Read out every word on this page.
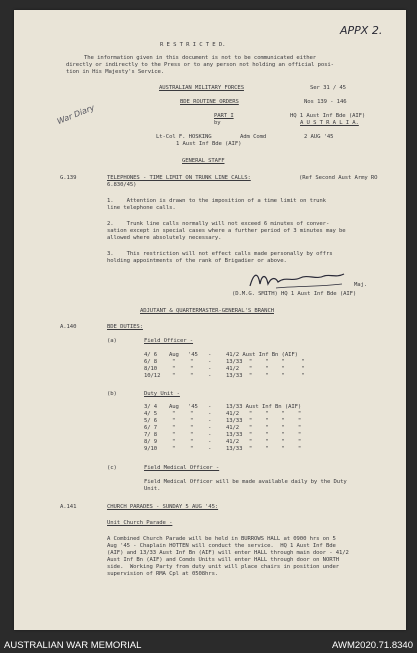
APPX 2.
War Diary
R E S T R I C T E D.
The information given in this document is not to be communicated either
directly or indirectly to the Press or to any person not holding an official posi-
tion in His Majesty's Service.
AUSTRALIAN MILITARY FORCES	Ser 31 / 45
BDE ROUTINE ORDERS	Nos 139 - 146
PART I	HQ 1 Aust Inf Bde (AIF)
by	A U S T R A L I A.
Lt-Col F. HOSKING	Adm Comd	2 AUG '45
1 Aust Inf Bde (AIF)
GENERAL STAFF
G.139	TELEPHONES - TIME LIMIT ON TRUNK LINE CALLS:	(Ref Second Aust Army RO
6.830/45)
1.    Attention is drawn to the imposition of a time limit on trunk
line telephone calls.
2.    Trunk line calls normally will not exceed 6 minutes of conver-
sation except in special cases where a further period of 3 minutes may be
allowed where absolutely necessary.
3.    This restriction will not effect calls made personally by offrs
holding appointments of the rank of Brigadier or above.
Maj.
(D.M.G. SMITH) HQ 1 Aust Inf Bde (AIF)
ADJUTANT & QUARTERMASTER-GENERAL'S BRANCH
A.140	BDE DUTIES:
(a)	Field Officer -
4/ 6 Aug '45 -	41/2 Aust Inf Bn (AIF)
6/ 8	"	"	-	13/33  "    "    "     "
8/10	"	"	-	41/2   "    "    "     "
10/12 "	"	-	13/33  "    "    "     "
(b)	Duty Unit -
3/ 4 Aug '45 -	13/33 Aust Inf Bn (AIF)
4/ 5	"	"	-	41/2   "    "    "    "
5/ 6	"	"	-	13/33  "    "    "    "
6/ 7	"	"	-	41/2   "    "    "    "
7/ 8	"	"	-	13/33  "    "    "    "
8/ 9	"	"	-	41/2   "    "    "    "
9/10	"	"	-	13/33  "    "    "    "
(c)	Field Medical Officer -
Field Medical Officer will be made available daily by the Duty
Unit.
A.141	CHURCH PARADES - SUNDAY 5 AUG '45:
Unit Church Parade -
A Combined Church Parade will be held in BURROWS HALL at 0900 hrs on 5
Aug '45 - Chaplain HOTTEN will conduct the service.  HQ 1 Aust Inf Bde
(AIF) and 13/33 Aust Inf Bn (AIF) will enter HALL through main door - 41/2
Aust Inf Bn (AIF) and Comds Units will enter HALL through door on NORTH
side.  Working Party from duty unit will place chairs in position under
supervision of RMA Cpl at 0508hrs.
AUSTRALIAN WAR MEMORIAL	AWM2020.71.8340
